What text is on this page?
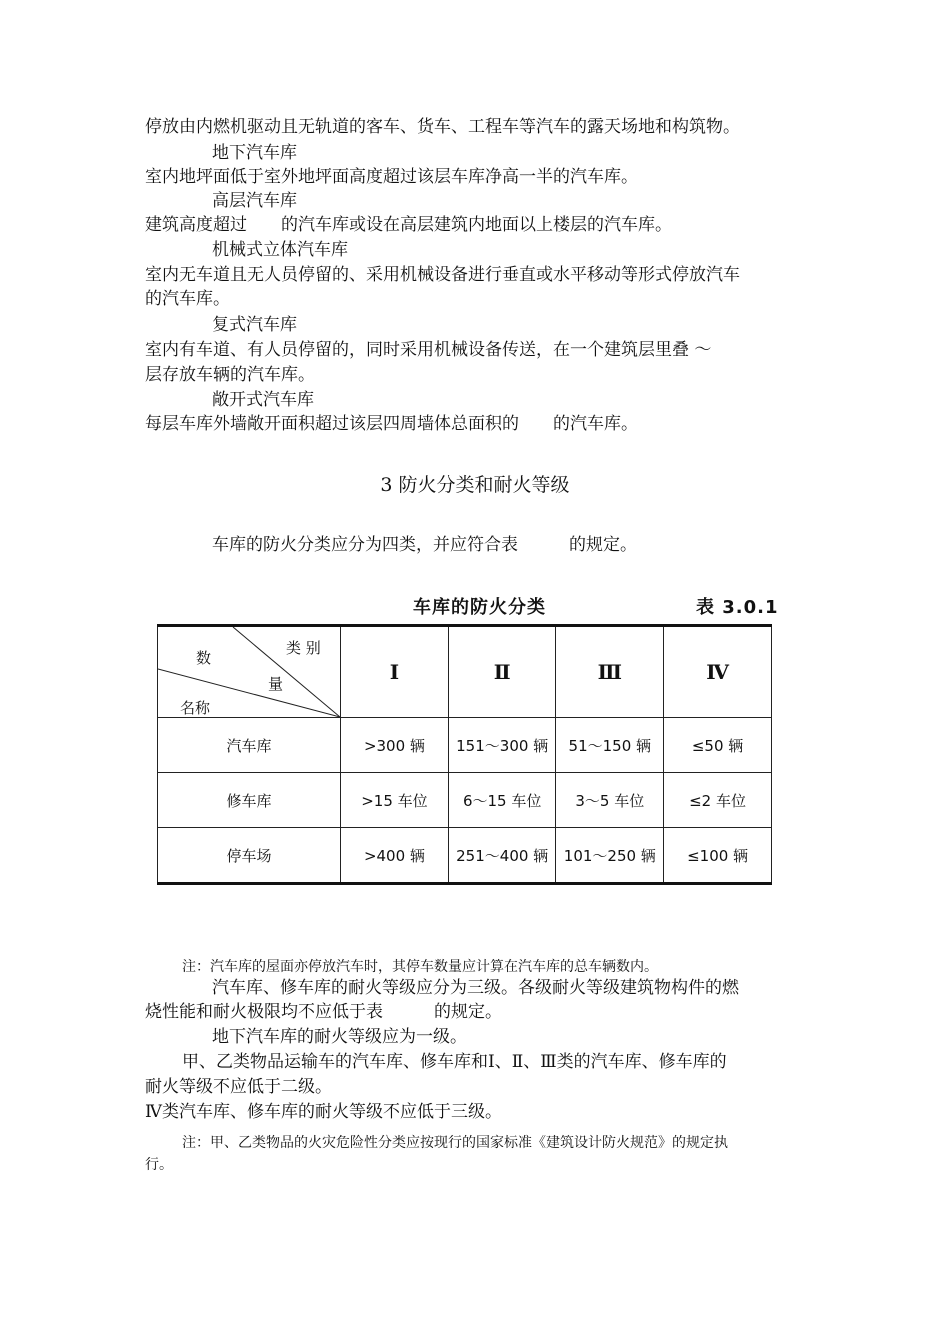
停放由内燃机驱动且无轨道的客车、货车、工程车等汽车的露天场地和构筑物。
地下汽车库
室内地坪面低于室外地坪面高度超过该层车库净高一半的汽车库。
高层汽车库
建筑高度超过　　的汽车库或设在高层建筑内地面以上楼层的汽车库。
机械式立体汽车库
室内无车道且无人员停留的、采用机械设备进行垂直或水平移动等形式停放汽车
的汽车库。
复式汽车库
室内有车道、有人员停留的，同时采用机械设备传送，在一个建筑层里叠 ～
层存放车辆的汽车库。
敞开式汽车库
每层车库外墙敞开面积超过该层四周墙体总面积的　　的汽车库。
3 防火分类和耐火等级
车库的防火分类应分为四类，并应符合表　　　的规定。
车库的防火分类	表 3.0.1
类 别
数
量
名称	Ⅰ	Ⅱ	Ⅲ	Ⅳ
汽车库	>300 辆	151～300 辆	51～150 辆	≤50 辆
修车库	>15 车位	6～15 车位	3～5 车位	≤2 车位
停车场	>400 辆	251～400 辆	101～250 辆	≤100 辆
注：汽车库的屋面亦停放汽车时，其停车数量应计算在汽车库的总车辆数内。
汽车库、修车库的耐火等级应分为三级。各级耐火等级建筑物构件的燃
烧性能和耐火极限均不应低于表　　　的规定。
地下汽车库的耐火等级应为一级。
甲、乙类物品运输车的汽车库、修车库和Ⅰ、Ⅱ、Ⅲ类的汽车库、修车库的
耐火等级不应低于二级。
Ⅳ类汽车库、修车库的耐火等级不应低于三级。
注：甲、乙类物品的火灾危险性分类应按现行的国家标准《建筑设计防火规范》的规定执
行。
